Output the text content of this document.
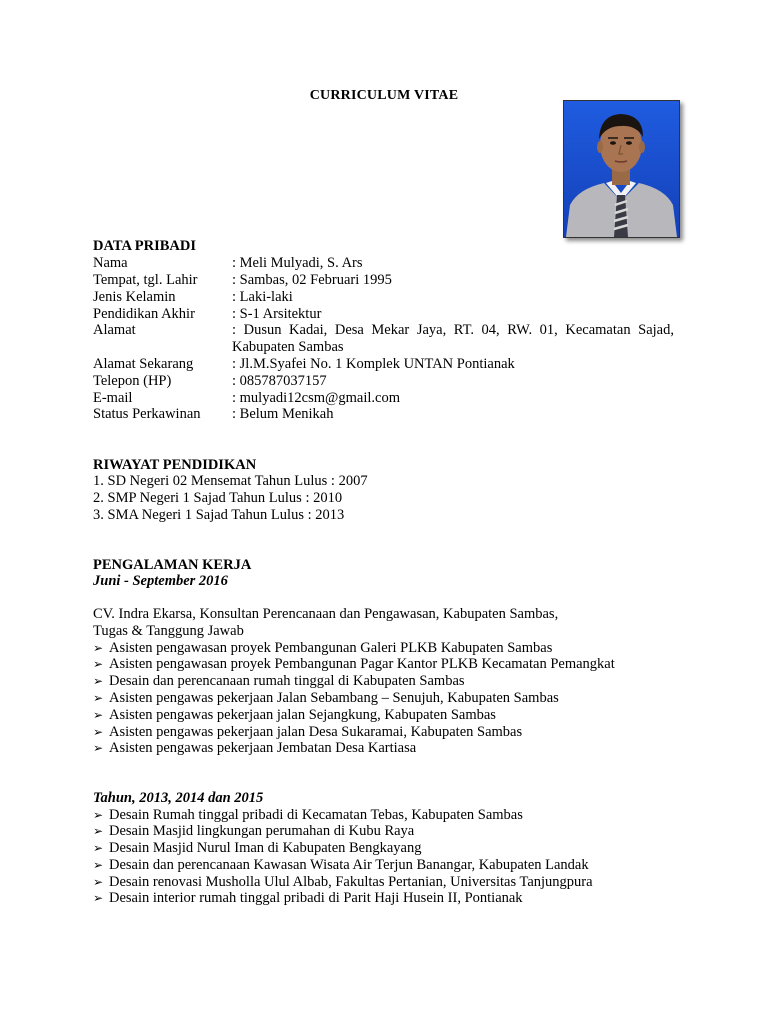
CURRICULUM VITAE
DATA PRIBADI
Nama	: Meli Mulyadi, S. Ars
Tempat, tgl. Lahir : Sambas, 02 Februari 1995
Jenis Kelamin	: Laki-laki
Pendidikan Akhir	: S-1 Arsitektur
Alamat	: Dusun Kadai, Desa Mekar Jaya, RT. 04, RW. 01, Kecamatan Sajad,
Kabupaten Sambas
Alamat Sekarang	: Jl.M.Syafei No. 1 Komplek UNTAN Pontianak
Telepon (HP)	: 085787037157
E-mail	: mulyadi12csm@gmail.com
Status Perkawinan : Belum Menikah
RIWAYAT PENDIDIKAN
1. SD Negeri 02 Mensemat Tahun Lulus : 2007
2. SMP Negeri 1 Sajad Tahun Lulus : 2010
3. SMA Negeri 1 Sajad Tahun Lulus : 2013
PENGALAMAN KERJA
Juni - September 2016
CV. Indra Ekarsa, Konsultan Perencanaan dan Pengawasan, Kabupaten Sambas,
Tugas & Tanggung Jawab
➢ Asisten pengawasan proyek Pembangunan Galeri PLKB Kabupaten Sambas
➢ Asisten pengawasan proyek Pembangunan Pagar Kantor PLKB Kecamatan Pemangkat
➢ Desain dan perencanaan rumah tinggal di Kabupaten Sambas
➢ Asisten pengawas pekerjaan Jalan Sebambang – Senujuh, Kabupaten Sambas
➢ Asisten pengawas pekerjaan jalan Sejangkung, Kabupaten Sambas
➢ Asisten pengawas pekerjaan jalan Desa Sukaramai, Kabupaten Sambas
➢ Asisten pengawas pekerjaan Jembatan Desa Kartiasa
Tahun, 2013, 2014 dan 2015
➢ Desain Rumah tinggal pribadi di Kecamatan Tebas, Kabupaten Sambas
➢ Desain Masjid lingkungan perumahan di Kubu Raya
➢ Desain Masjid Nurul Iman di Kabupaten Bengkayang
➢ Desain dan perencanaan Kawasan Wisata Air Terjun Banangar, Kabupaten Landak
➢ Desain renovasi Musholla Ulul Albab, Fakultas Pertanian, Universitas Tanjungpura
➢ Desain interior rumah tinggal pribadi di Parit Haji Husein II, Pontianak
